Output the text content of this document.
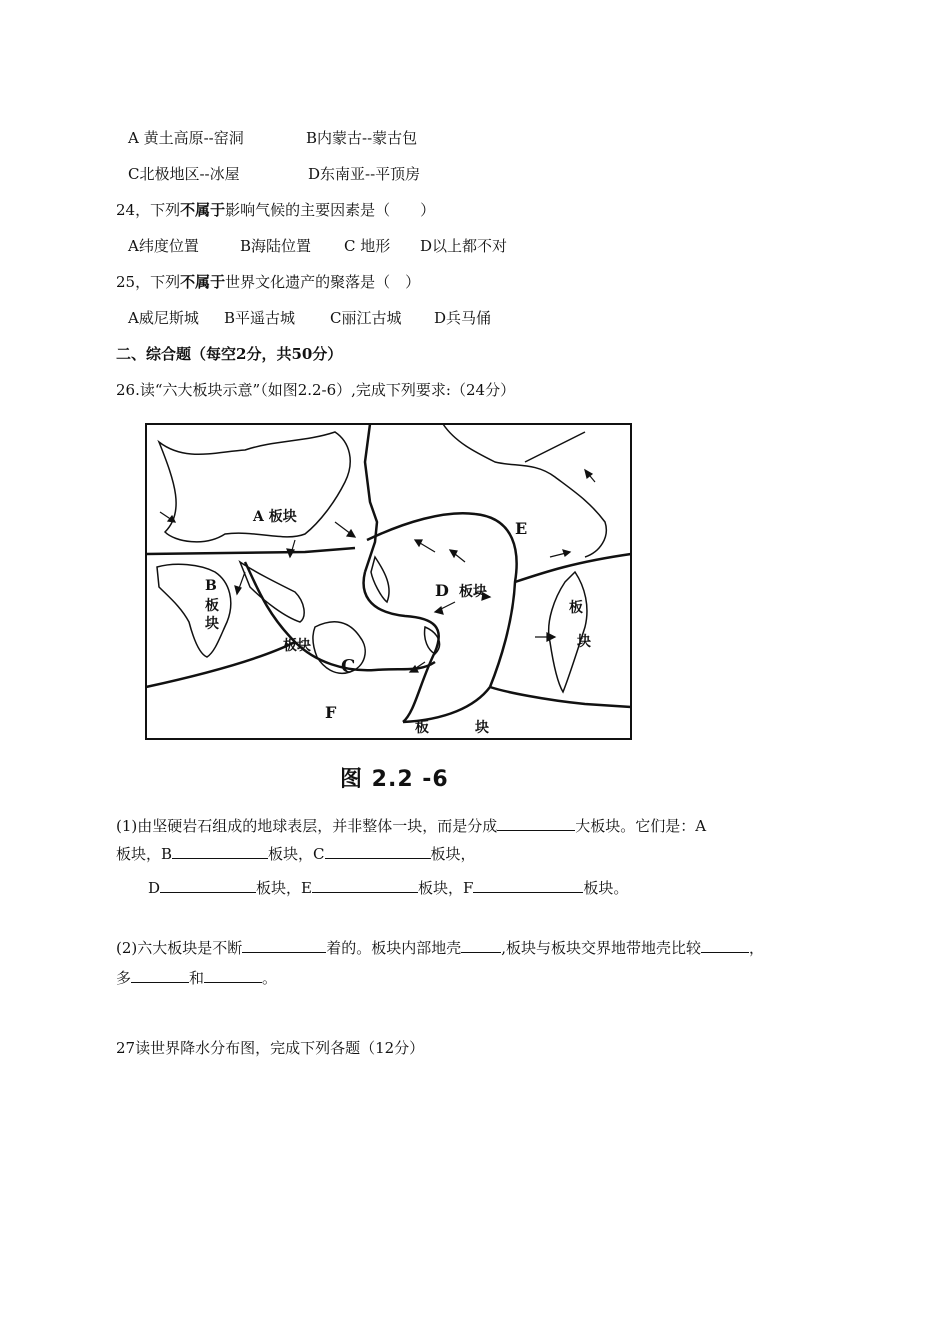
A 黄土高原--窑洞	B内蒙古--蒙古包
C北极地区--冰屋	D东南亚--平顶房
24，下列不属于影响气候的主要因素是（　　）
A纬度位置	B海陆位置 C 地形 D以上都不对
25，下列不属于世界文化遗产的聚落是（　）
A威尼斯城 B平遥古城 C丽江古城 D兵马俑
二、综合题（每空2分，共50分）
26.读“六大板块示意”（如图2.2-6）,完成下列要求:（24分）
A 板块
B
板
块
板块
C
D 板块
E
板
块
F
板	块
图 2.2 -6
(1)由坚硬岩石组成的地球表层，并非整体一块，而是分成	大板块。它们是：A
板块，B	板块，C	板块，
D	板块，E	板块，F	板块。
(2)六大板块是不断	着的。板块内部地壳	,板块与板块交界地带地壳比较	，
多	和	。
27读世界降水分布图，完成下列各题（12分）
